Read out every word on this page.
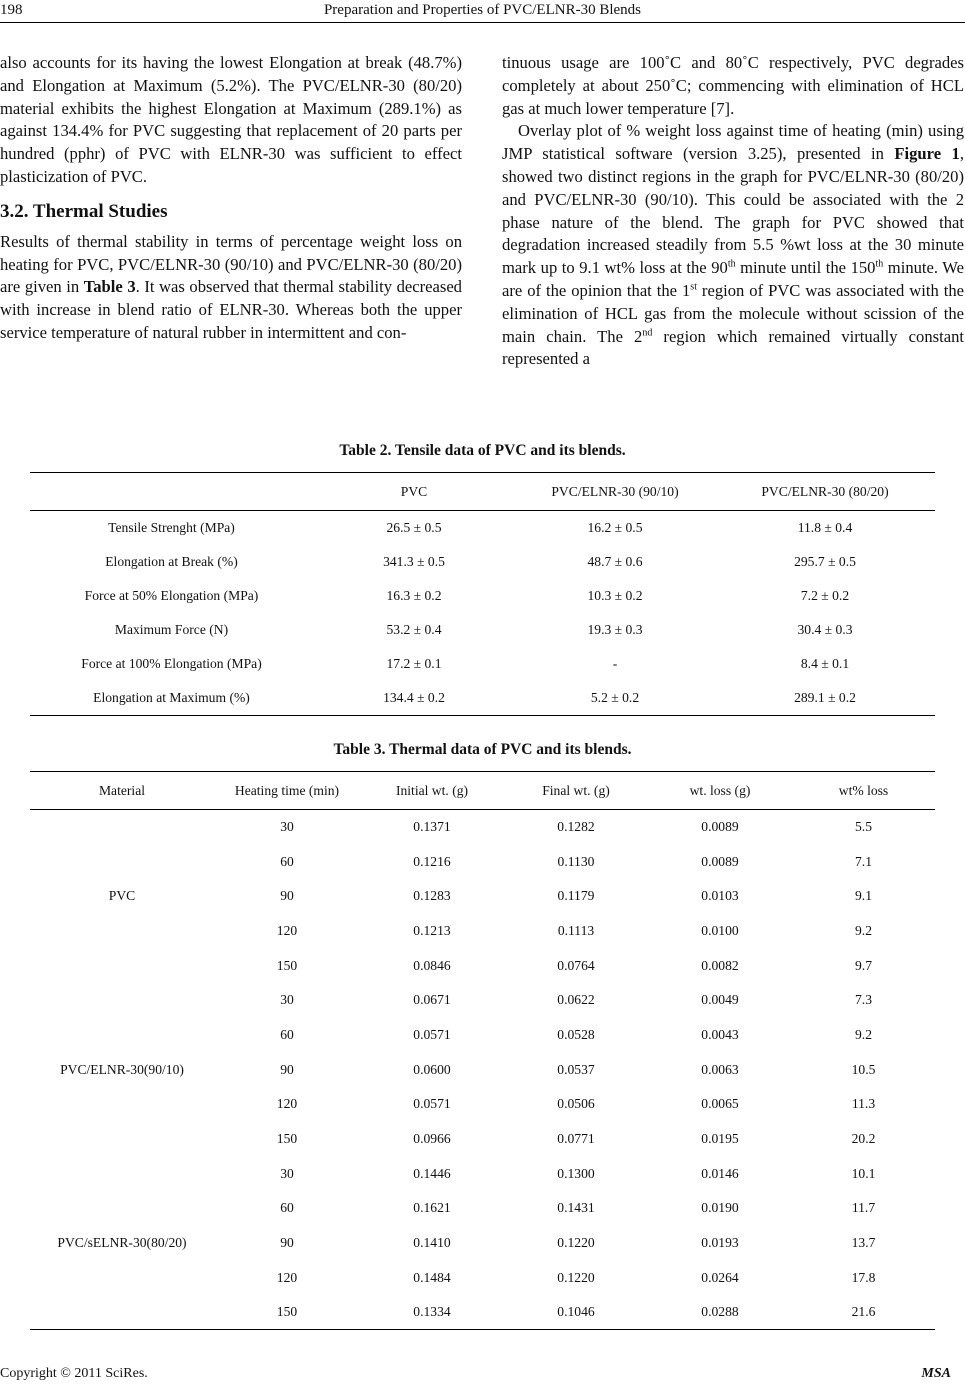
198	Preparation and Properties of PVC/ELNR-30 Blends

also accounts for its having the lowest Elongation at break (48.7%) and Elongation at Maximum (5.2%). The PVC/ELNR-30 (80/20) material exhibits the highest Elongation at Maximum (289.1%) as against 134.4% for PVC suggesting that replacement of 20 parts per hundred (pphr) of PVC with ELNR-30 was sufficient to effect plasticization of PVC.

3.2. Thermal Studies

Results of thermal stability in terms of percentage weight loss on heating for PVC, PVC/ELNR-30 (90/10) and PVC/ELNR-30 (80/20) are given in Table 3. It was observed that thermal stability decreased with increase in blend ratio of ELNR-30. Whereas both the upper service temperature of natural rubber in intermittent and con-

tinuous usage are 100˚C and 80˚C respectively, PVC degrades completely at about 250˚C; commencing with elimination of HCL gas at much lower temperature [7].

Overlay plot of % weight loss against time of heating (min) using JMP statistical software (version 3.25), presented in Figure 1, showed two distinct regions in the graph for PVC/ELNR-30 (80/20) and PVC/ELNR-30 (90/10). This could be associated with the 2 phase nature of the blend. The graph for PVC showed that degradation increased steadily from 5.5 %wt loss at the 30 minute mark up to 9.1 wt% loss at the 90th minute until the 150th minute. We are of the opinion that the 1st region of PVC was associated with the elimination of HCL gas from the molecule without scission of the main chain. The 2nd region which remained virtually constant represented a

Table 2. Tensile data of PVC and its blends.
	PVC	PVC/ELNR-30 (90/10)	PVC/ELNR-30 (80/20)
Tensile Strenght (MPa)	26.5 ± 0.5	16.2 ± 0.5	11.8 ± 0.4
Elongation at Break (%)	341.3 ± 0.5	48.7 ± 0.6	295.7 ± 0.5
Force at 50% Elongation (MPa)	16.3 ± 0.2	10.3 ± 0.2	7.2 ± 0.2
Maximum Force (N)	53.2 ± 0.4	19.3 ± 0.3	30.4 ± 0.3
Force at 100% Elongation (MPa)	17.2 ± 0.1	-	8.4 ± 0.1
Elongation at Maximum (%)	134.4 ± 0.2	5.2 ± 0.2	289.1 ± 0.2
Table 3. Thermal data of PVC and its blends.
Material	Heating time (min)	Initial wt. (g)	Final wt. (g)	wt. loss (g)	wt% loss
PVC	30	0.1371	0.1282	0.0089	5.5
	60	0.1216	0.1130	0.0089	7.1
	90	0.1283	0.1179	0.0103	9.1
	120	0.1213	0.1113	0.0100	9.2
	150	0.0846	0.0764	0.0082	9.7
PVC/ELNR-30(90/10)	30	0.0671	0.0622	0.0049	7.3
	60	0.0571	0.0528	0.0043	9.2
	90	0.0600	0.0537	0.0063	10.5
	120	0.0571	0.0506	0.0065	11.3
	150	0.0966	0.0771	0.0195	20.2
PVC/sELNR-30(80/20)	30	0.1446	0.1300	0.0146	10.1
	60	0.1621	0.1431	0.0190	11.7
	90	0.1410	0.1220	0.0193	13.7
	120	0.1484	0.1220	0.0264	17.8
	150	0.1334	0.1046	0.0288	21.6
Copyright © 2011 SciRes.	MSA
